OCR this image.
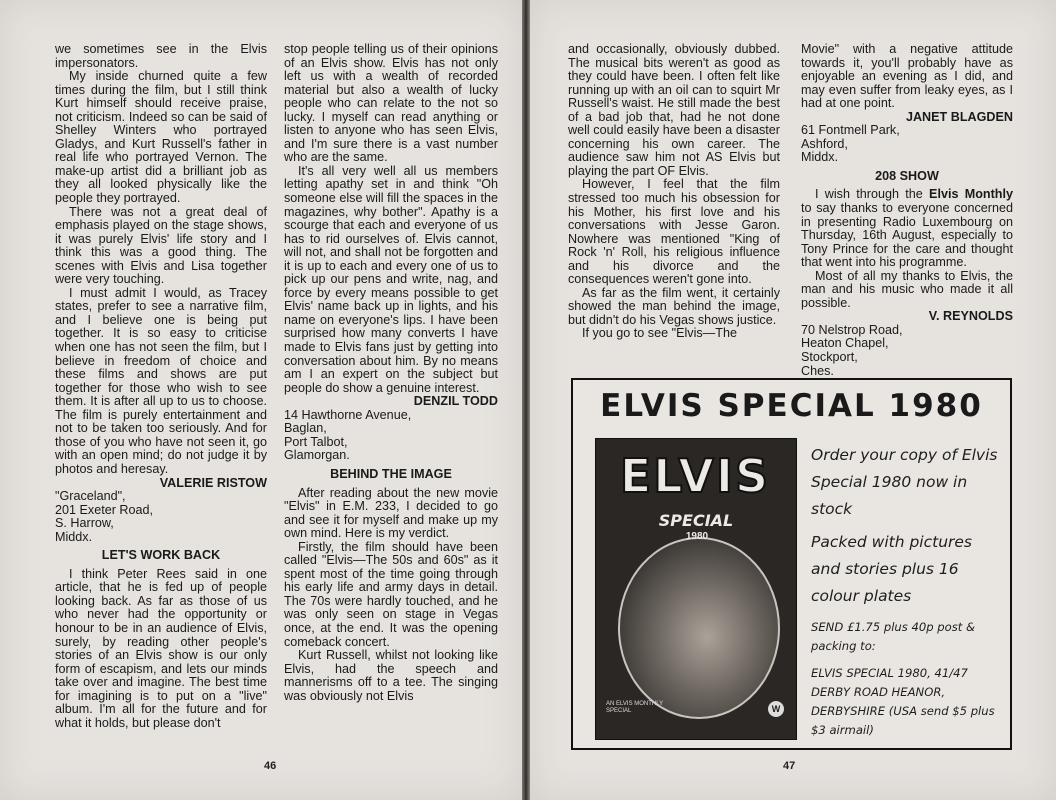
we sometimes see in the Elvis impersonators.

My inside churned quite a few times during the film, but I still think Kurt himself should receive praise, not criticism. Indeed so can be said of Shelley Winters who portrayed Gladys, and Kurt Russell's father in real life who portrayed Vernon. The make-up artist did a brilliant job as they all looked physically like the people they portrayed.

There was not a great deal of emphasis played on the stage shows, it was purely Elvis' life story and I think this was a good thing. The scenes with Elvis and Lisa together were very touching.

I must admit I would, as Tracey states, prefer to see a narrative film, and I believe one is being put together. It is so easy to criticise when one has not seen the film, but I believe in freedom of choice and these films and shows are put together for those who wish to see them. It is after all up to us to choose. The film is purely entertainment and not to be taken too seriously. And for those of you who have not seen it, go with an open mind; do not judge it by photos and heresay.

VALERIE RISTOW

"Graceland",
201 Exeter Road,
S. Harrow,
Middx.
LET'S WORK BACK

I think Peter Rees said in one article, that he is fed up of people looking back. As far as those of us who never had the opportunity or honour to be in an audience of Elvis, surely, by reading other people's stories of an Elvis show is our only form of escapism, and lets our minds take over and imagine. The best time for imagining is to put on a "live" album. I'm all for the future and for what it holds, but please don't

stop people telling us of their opinions of an Elvis show. Elvis has not only left us with a wealth of recorded material but also a wealth of lucky people who can relate to the not so lucky. I myself can read anything or listen to anyone who has seen Elvis, and I'm sure there is a vast number who are the same.

It's all very well all us members letting apathy set in and think "Oh someone else will fill the spaces in the magazines, why bother". Apathy is a scourge that each and everyone of us has to rid ourselves of. Elvis cannot, will not, and shall not be forgotten and it is up to each and every one of us to pick up our pens and write, nag, and force by every means possible to get Elvis' name back up in lights, and his name on everyone's lips. I have been surprised how many converts I have made to Elvis fans just by getting into conversation about him. By no means am I an expert on the subject but people do show a genuine interest.

DENZIL TODD

14 Hawthorne Avenue,
Baglan,
Port Talbot,
Glamorgan.
BEHIND THE IMAGE

After reading about the new movie "Elvis" in E.M. 233, I decided to go and see it for myself and make up my own mind. Here is my verdict.

Firstly, the film should have been called "Elvis—The 50s and 60s" as it spent most of the time going through his early life and army days in detail. The 70s were hardly touched, and he was only seen on stage in Vegas once, at the end. It was the opening comeback concert.

Kurt Russell, whilst not looking like Elvis, had the speech and mannerisms off to a tee. The singing was obviously not Elvis

46

and occasionally, obviously dubbed. The musical bits weren't as good as they could have been. I often felt like running up with an oil can to squirt Mr Russell's waist. He still made the best of a bad job that, had he not done well could easily have been a disaster concerning his own career. The audience saw him not AS Elvis but playing the part OF Elvis.

However, I feel that the film stressed too much his obsession for his Mother, his first love and his conversations with Jesse Garon. Nowhere was mentioned "King of Rock 'n' Roll, his religious influence and his divorce and the consequences weren't gone into.

As far as the film went, it certainly showed the man behind the image, but didn't do his Vegas shows justice.

If you go to see "Elvis—The

Movie" with a negative attitude towards it, you'll probably have as enjoyable an evening as I did, and may even suffer from leaky eyes, as I had at one point.

JANET BLAGDEN

61 Fontmell Park,
Ashford,
Middx.
208 SHOW

I wish through the Elvis Monthly to say thanks to everyone concerned in presenting Radio Luxembourg on Thursday, 16th August, especially to Tony Prince for the care and thought that went into his programme.

Most of all my thanks to Elvis, the man and his music who made it all possible.

V. REYNOLDS

70 Nelstrop Road,
Heaton Chapel,
Stockport,
Ches.
ELVIS SPECIAL 1980
ELVIS
SPECIAL
1980
AN ELVIS MONTHLY SPECIAL	W

Order your copy of Elvis Special 1980 now in stock

Packed with pictures and stories plus 16 colour plates

SEND £1.75 plus 40p post & packing to:

ELVIS SPECIAL 1980, 41/47 DERBY ROAD HEANOR, DERBYSHIRE (USA send $5 plus $3 airmail)

47
